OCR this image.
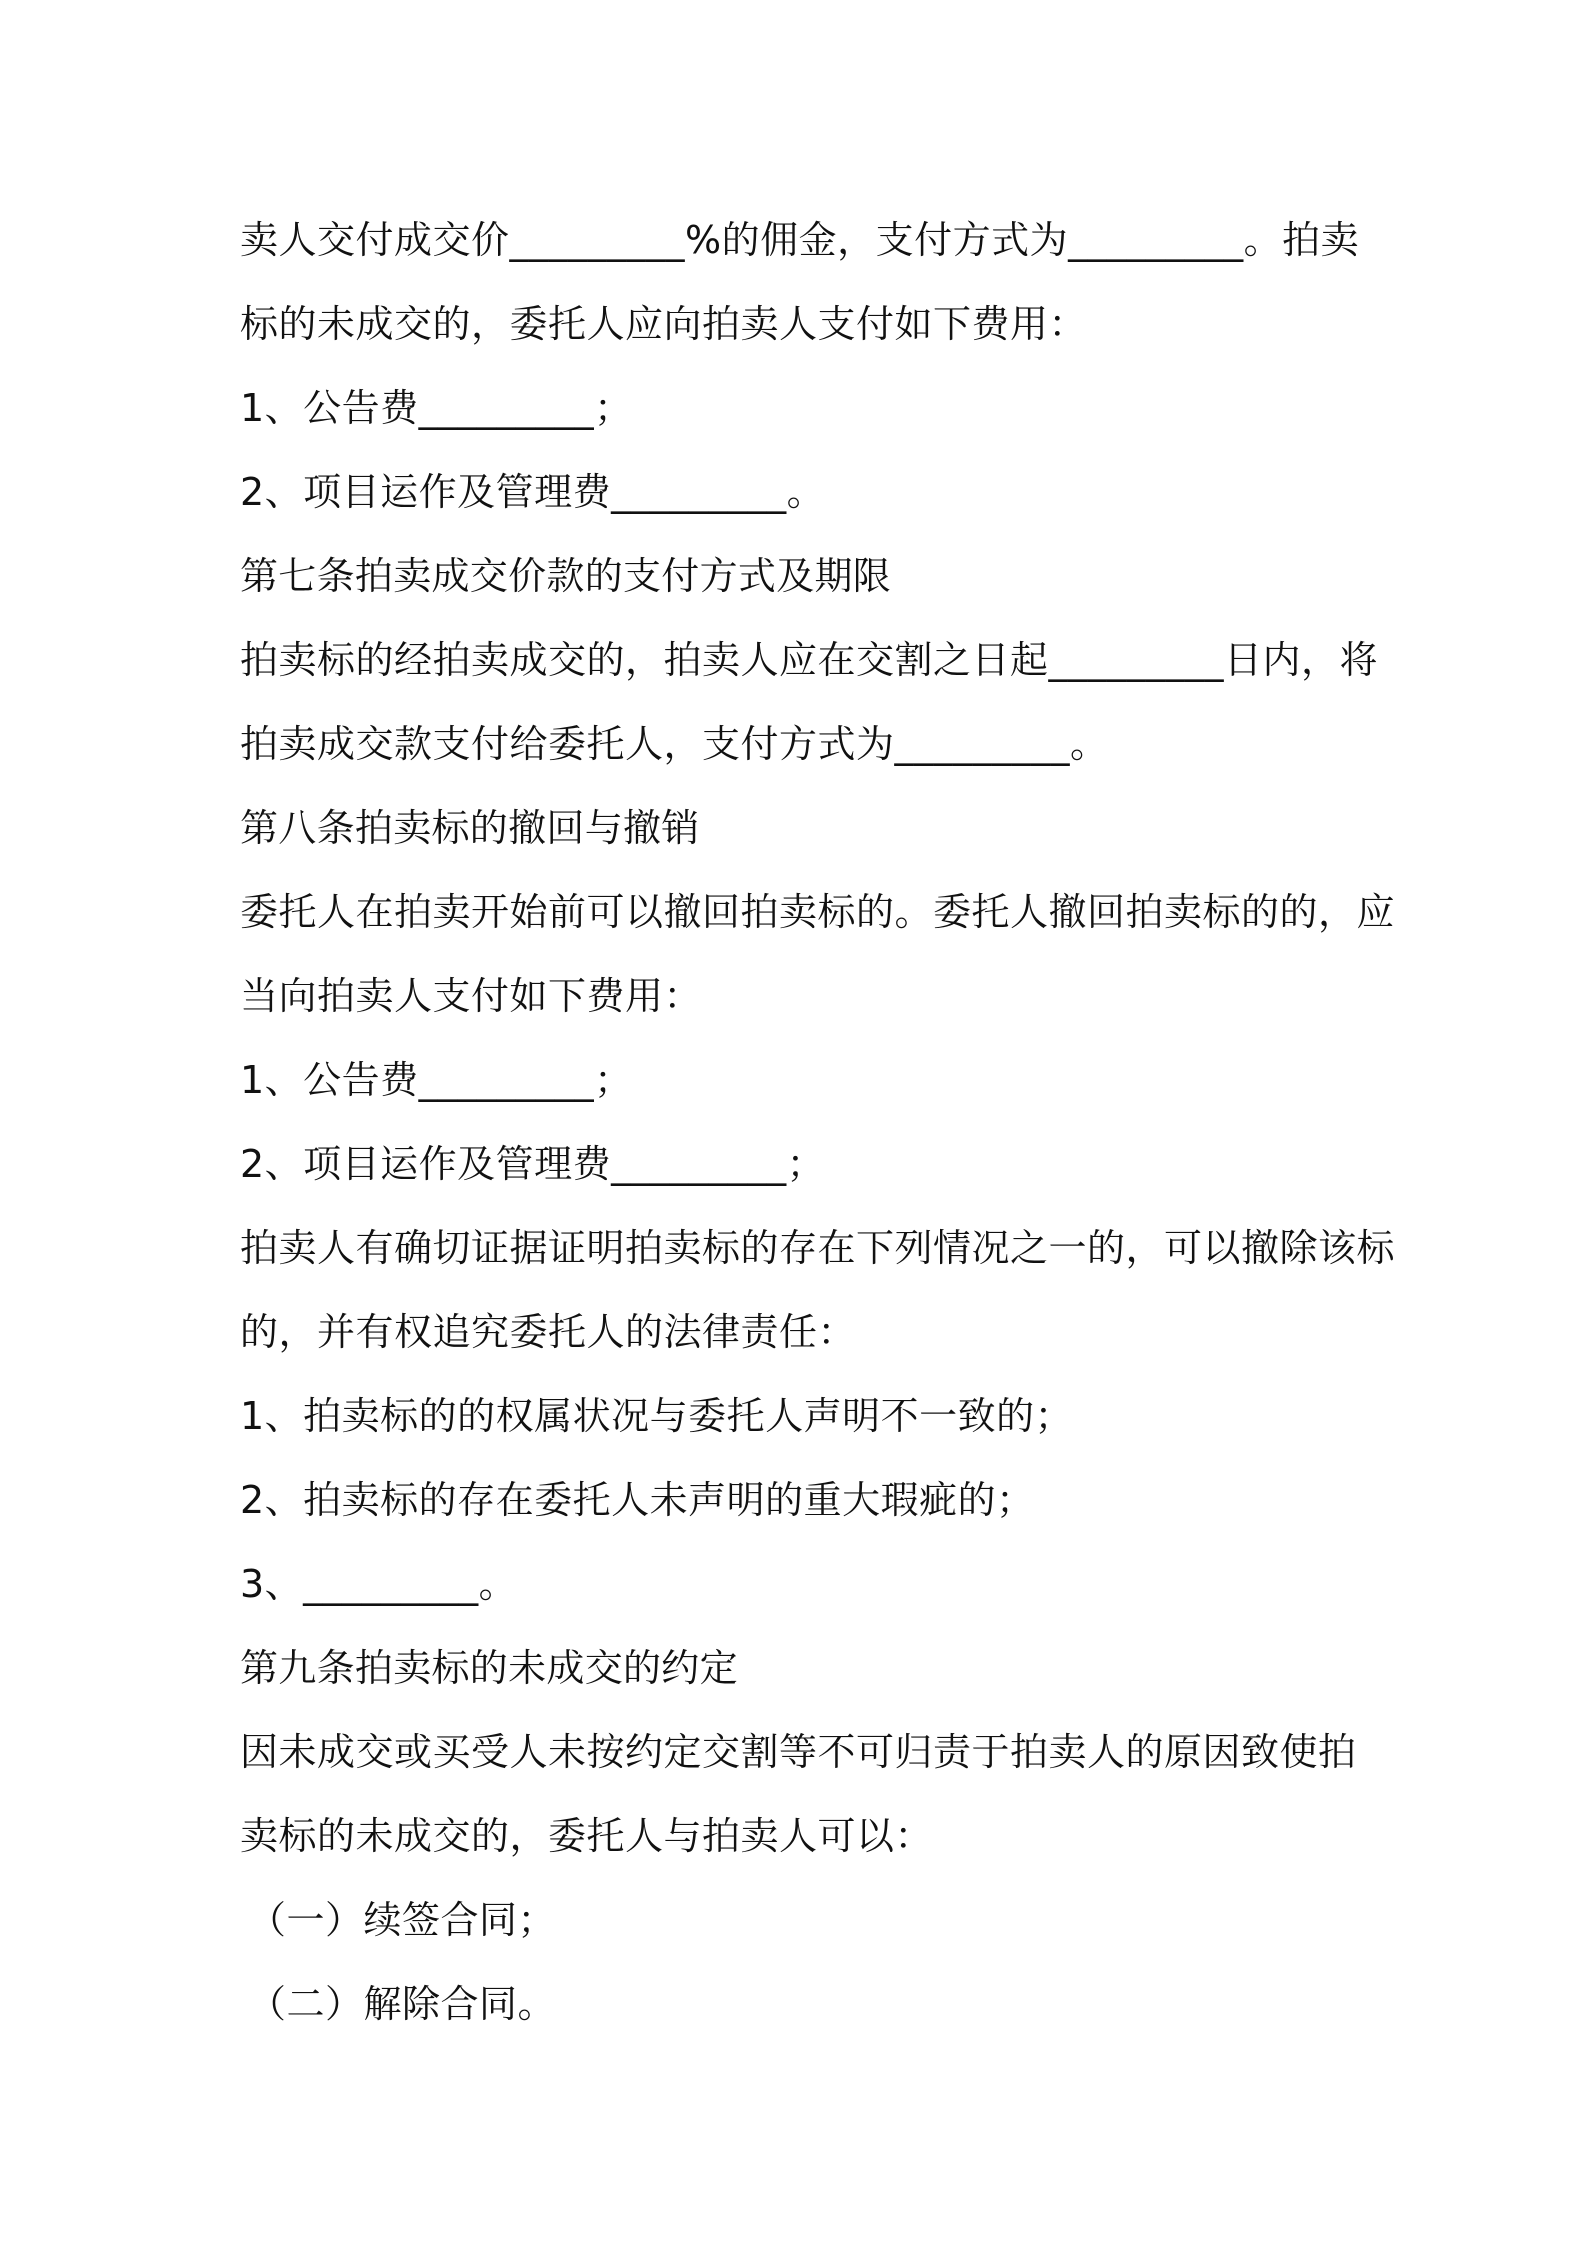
卖人交付成交价_________%的佣金，支付方式为_________。拍卖
标的未成交的，委托人应向拍卖人支付如下费用：
1、公告费_________；
2、项目运作及管理费_________。
第七条拍卖成交价款的支付方式及期限
拍卖标的经拍卖成交的，拍卖人应在交割之日起_________日内，将
拍卖成交款支付给委托人，支付方式为_________。
第八条拍卖标的撤回与撤销
委托人在拍卖开始前可以撤回拍卖标的。委托人撤回拍卖标的的，应
当向拍卖人支付如下费用：
1、公告费_________；
2、项目运作及管理费_________；
拍卖人有确切证据证明拍卖标的存在下列情况之一的，可以撤除该标
的，并有权追究委托人的法律责任：
1、拍卖标的的权属状况与委托人声明不一致的；
2、拍卖标的存在委托人未声明的重大瑕疵的；
3、_________。
第九条拍卖标的未成交的约定
因未成交或买受人未按约定交割等不可归责于拍卖人的原因致使拍
卖标的未成交的，委托人与拍卖人可以：
（一）续签合同；
（二）解除合同。
